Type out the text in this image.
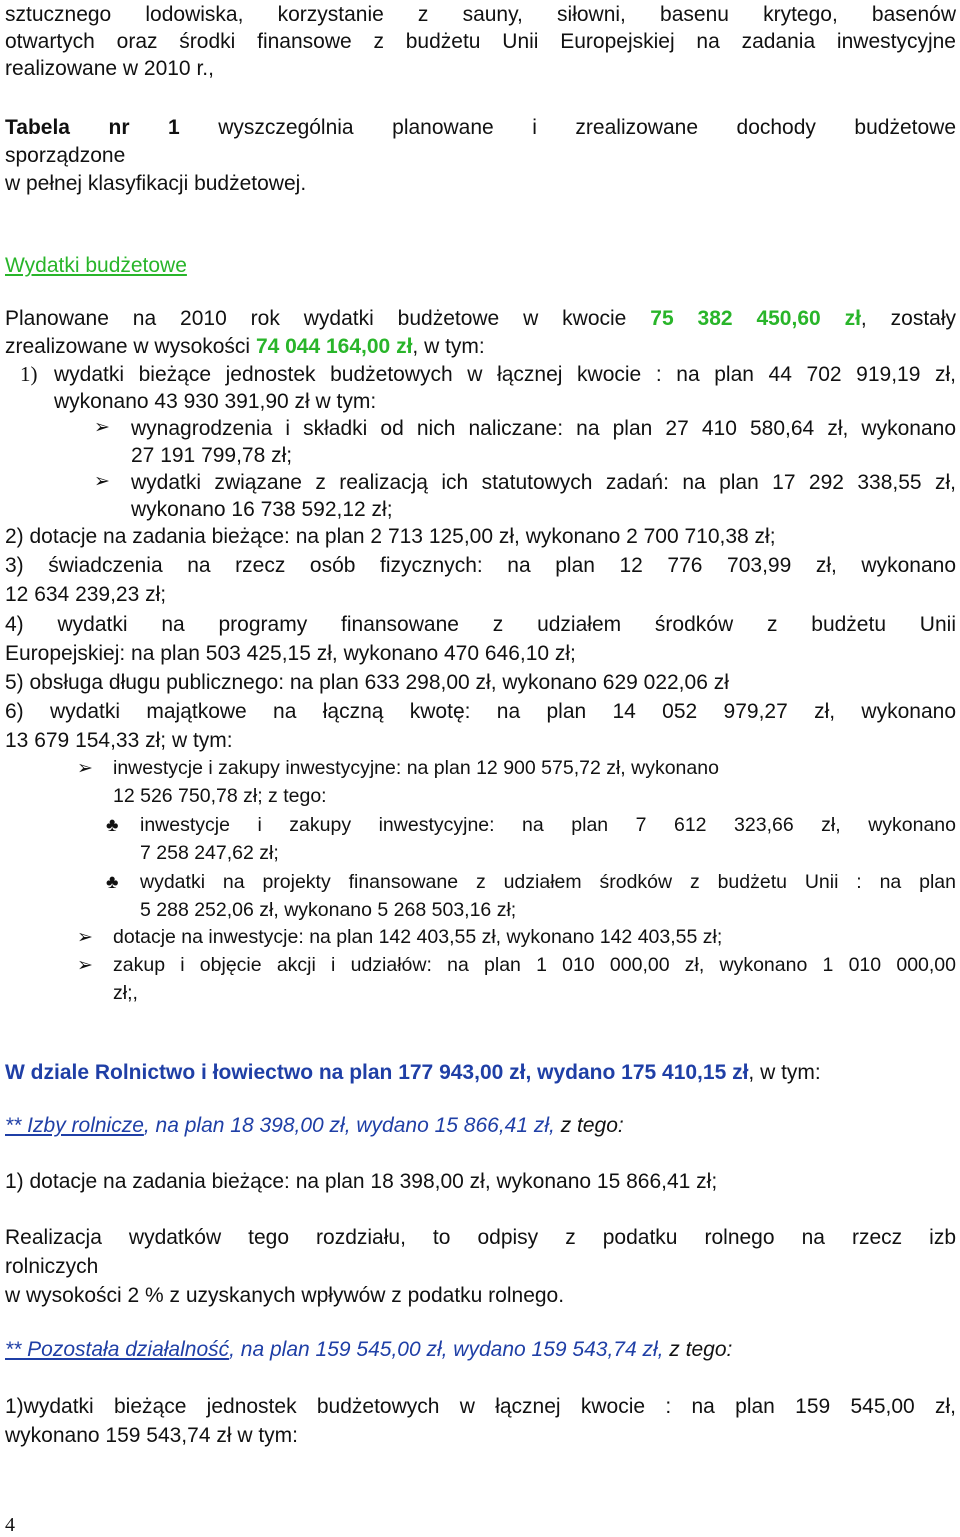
sztucznego lodowiska, korzystanie z sauny, siłowni, basenu krytego, basenów

otwartych oraz środki finansowe z budżetu Unii Europejskiej na zadania inwestycyjne

realizowane w 2010 r.,

Tabela nr 1 wyszczególnia planowane i zrealizowane dochody budżetowe

sporządzone

w pełnej klasyfikacji budżetowej.

Wydatki budżetowe

Planowane na 2010 rok wydatki budżetowe w kwocie 75 382 450,60 zł, zostały

zrealizowane w wysokości 74 044 164,00 zł, w tym:

1) wydatki bieżące jednostek budżetowych w łącznej kwocie : na plan 44 702 919,19 zł,

wykonano 43 930 391,90 zł w tym:

➢ wynagrodzenia i składki od nich naliczane: na plan 27 410 580,64 zł, wykonano

27 191 799,78 zł;

➢ wydatki związane z realizacją ich statutowych zadań: na plan 17 292 338,55 zł,

wykonano 16 738 592,12 zł;

2) dotacje na zadania bieżące: na plan 2 713 125,00 zł, wykonano 2 700 710,38 zł;

3) świadczenia na rzecz osób fizycznych: na plan 12 776 703,99 zł, wykonano

12 634 239,23 zł;

4) wydatki na programy finansowane z udziałem środków z budżetu Unii

Europejskiej: na plan 503 425,15 zł, wykonano 470 646,10 zł;

5) obsługa długu publicznego: na plan 633 298,00 zł, wykonano 629 022,06 zł

6) wydatki majątkowe na łączną kwotę: na plan 14 052 979,27 zł, wykonano

13 679 154,33 zł; w tym:

➢ inwestycje i zakupy inwestycyjne: na plan 12 900 575,72 zł, wykonano

12 526 750,78 zł; z tego:

♣ inwestycje i zakupy inwestycyjne: na plan 7 612 323,66 zł, wykonano

7 258 247,62 zł;

♣ wydatki na projekty finansowane z udziałem środków z budżetu Unii : na plan

5 288 252,06 zł, wykonano 5 268 503,16 zł;

➢ dotacje na inwestycje: na plan 142 403,55 zł, wykonano 142 403,55 zł;

➢ zakup i objęcie akcji i udziałów: na plan 1 010 000,00 zł, wykonano 1 010 000,00

zł;,

W dziale Rolnictwo i łowiectwo na plan 177 943,00 zł, wydano 175 410,15 zł, w tym:

** Izby rolnicze, na plan 18 398,00 zł, wydano 15 866,41 zł, z tego:

1) dotacje na zadania bieżące: na plan 18 398,00 zł, wykonano 15 866,41 zł;

Realizacja wydatków tego rozdziału, to odpisy z podatku rolnego na rzecz izb

rolniczych

w wysokości 2 % z uzyskanych wpływów z podatku rolnego.

** Pozostała działalność, na plan 159 545,00 zł, wydano 159 543,74 zł, z tego:

1)wydatki bieżące jednostek budżetowych w łącznej kwocie : na plan 159 545,00 zł,

wykonano 159 543,74 zł w tym:

4
